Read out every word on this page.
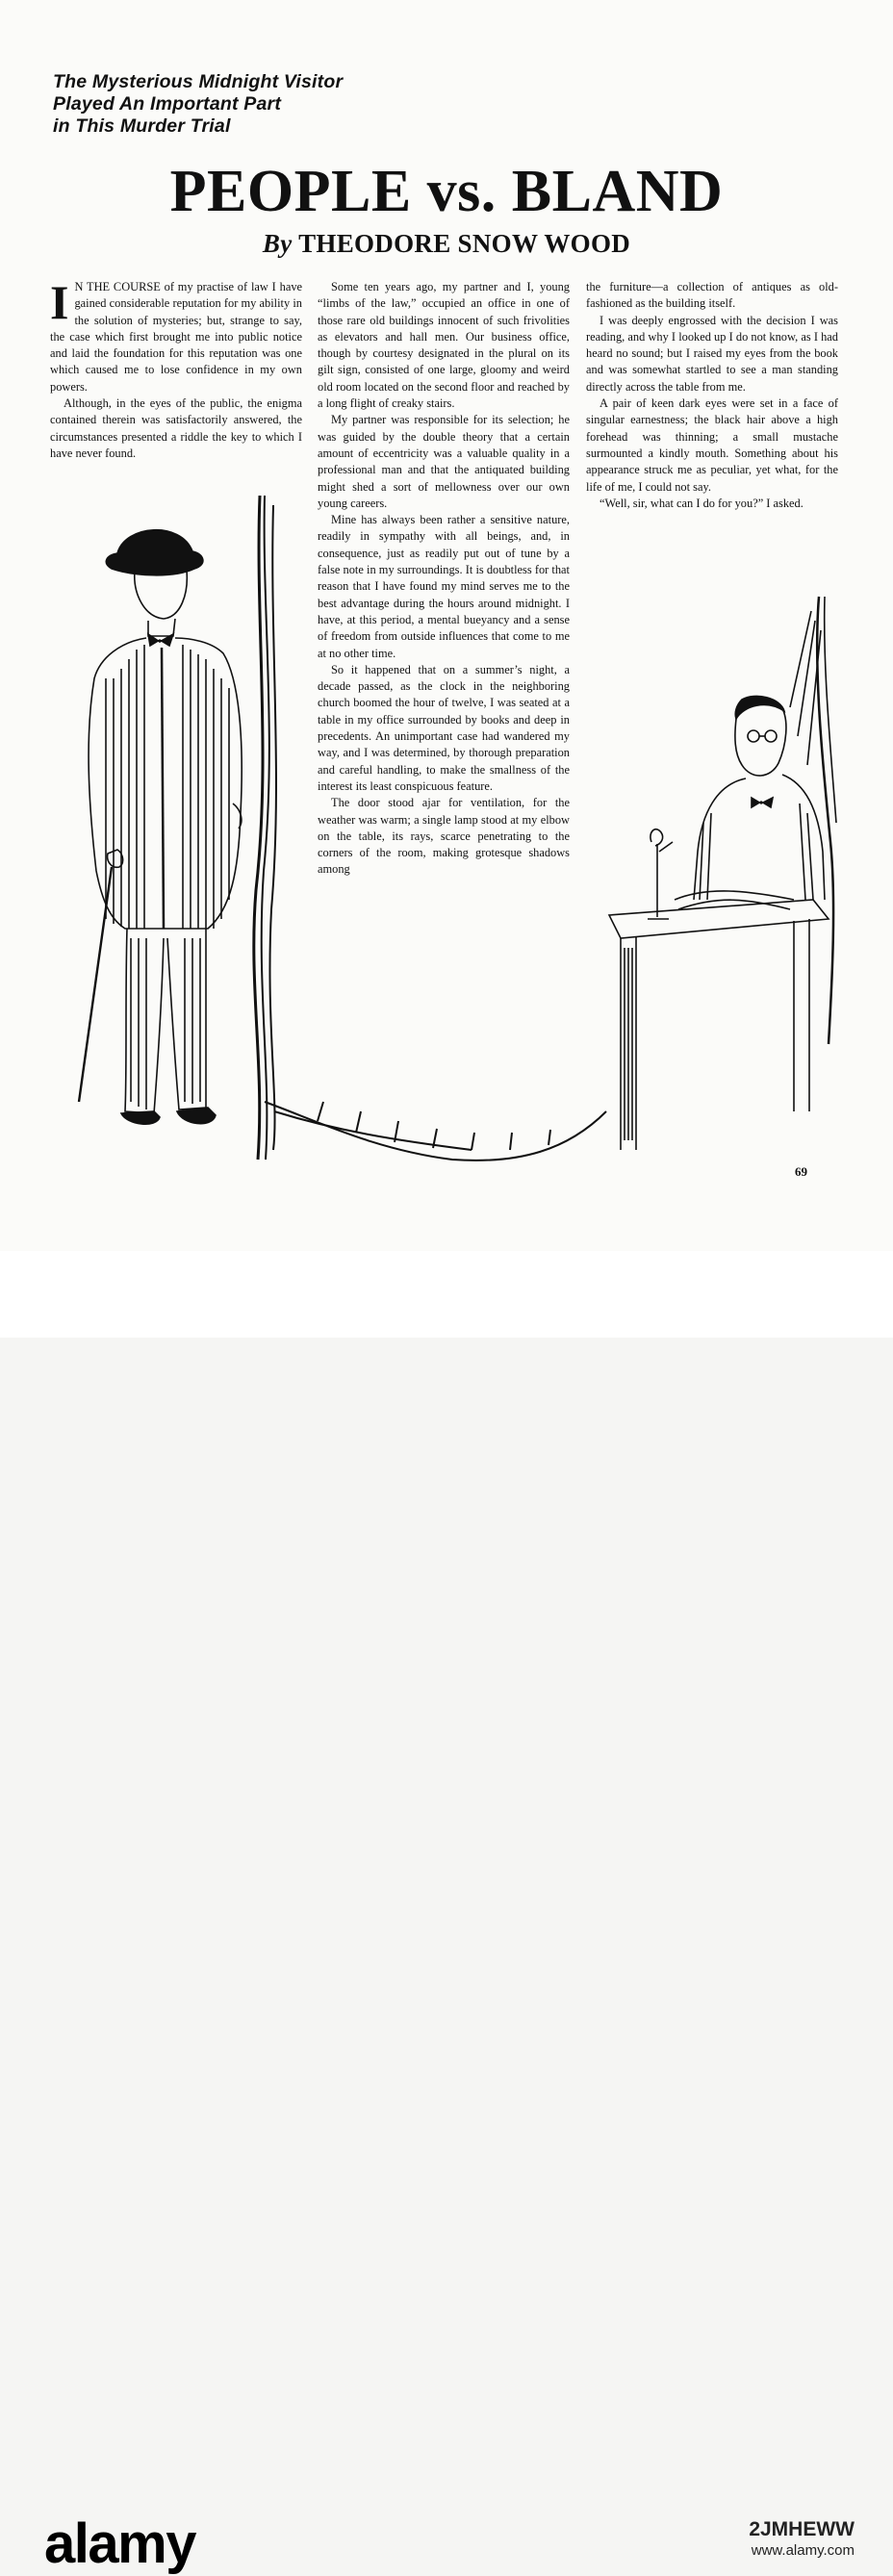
The Mysterious Midnight Visitor
Played An Important Part
in This Murder Trial
PEOPLE vs. BLAND
By THEODORE SNOW WOOD

I N THE COURSE of my practise of law I have gained considerable reputation for my ability in the solution of mysteries; but, strange to say, the case which first brought me into public notice and laid the foundation for this reputation was one which caused me to lose confidence in my own powers.

Although, in the eyes of the public, the enigma contained therein was satisfactorily answered, the circumstances presented a riddle the key to which I have never found.

Some ten years ago, my partner and I, young “limbs of the law,” occupied an office in one of those rare old buildings innocent of such frivolities as elevators and hall men. Our business office, though by courtesy designated in the plural on its gilt sign, consisted of one large, gloomy and weird old room located on the second floor and reached by a long flight of creaky stairs.

My partner was responsible for its selection; he was guided by the double theory that a certain amount of eccentricity was a valuable quality in a professional man and that the antiquated building might shed a sort of mellowness over our own young careers.

Mine has always been rather a sensitive nature, readily in sympathy with all beings, and, in consequence, just as readily put out of tune by a false note in my surroundings. It is doubtless for that reason that I have found my mind serves me to the best advantage during the hours around midnight. I have, at this period, a mental bueyancy and a sense of freedom from outside influences that come to me at no other time.

So it happened that on a summer’s night, a decade passed, as the clock in the neighboring church boomed the hour of twelve, I was seated at a table in my office surrounded by books and deep in precedents. An unimportant case had wandered my way, and I was determined, by thorough preparation and careful handling, to make the smallness of the interest its least conspicuous feature.

The door stood ajar for ventilation, for the weather was warm; a single lamp stood at my elbow on the table, its rays, scarce penetrating to the corners of the room, making grotesque shadows among

the furniture—a collection of antiques as old-fashioned as the building itself.

I was deeply engrossed with the decision I was reading, and why I looked up I do not know, as I had heard no sound; but I raised my eyes from the book and was somewhat startled to see a man standing directly across the table from me.

A pair of keen dark eyes were set in a face of singular earnestness; the black hair above a high forehead was thinning; a small mustache surmounted a kindly mouth. Something about his appearance struck me as peculiar, yet what, for the life of me, I could not say.

“Well, sir, what can I do for you?” I asked.

69
alamy	2JMHEWW
www.alamy.com
